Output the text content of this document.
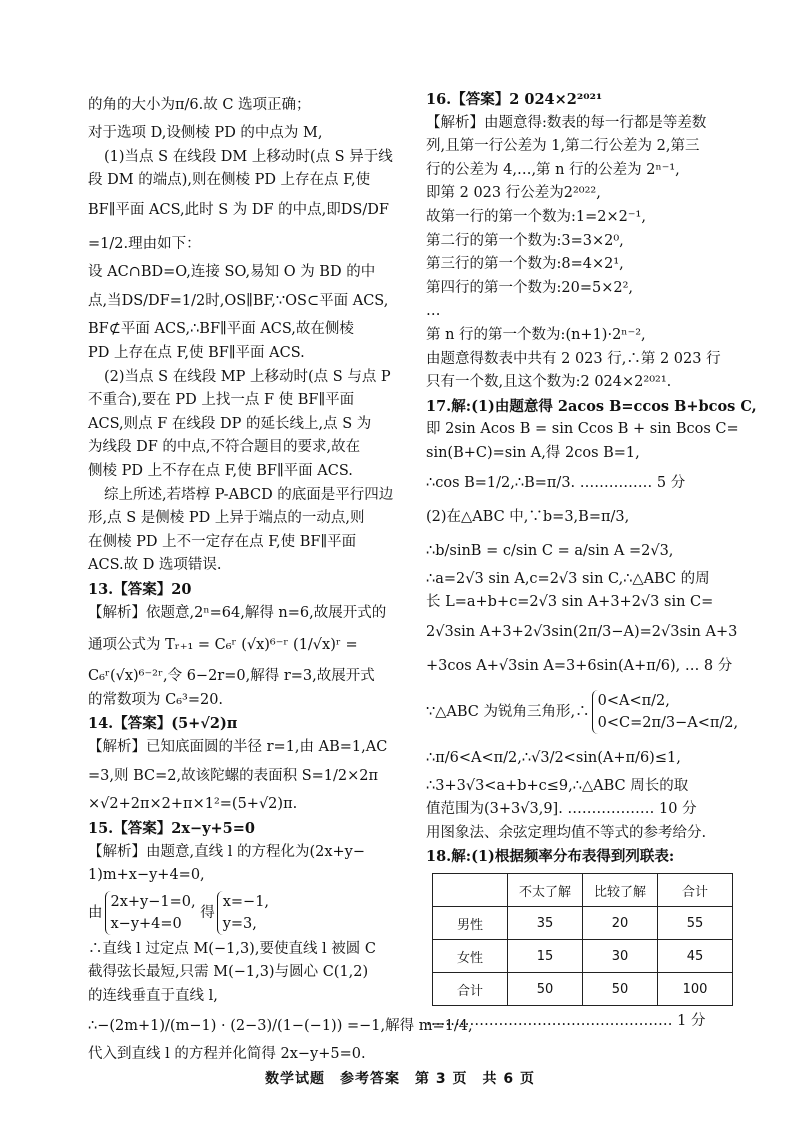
的角的大小为π/6.故 C 选项正确；
对于选项 D,设侧棱 PD 的中点为 M,
(1)当点 S 在线段 DM 上移动时(点 S 异于线
段 DM 的端点),则在侧棱 PD 上存在点 F,使
BF∥平面 ACS,此时 S 为 DF 的中点,即DS/DF
=1/2.理由如下：
设 AC∩BD=O,连接 SO,易知 O 为 BD 的中
点,当DS/DF=1/2时,OS∥BF,∵OS⊂平面 ACS,
BF⊄平面 ACS,∴BF∥平面 ACS,故在侧棱
PD 上存在点 F,使 BF∥平面 ACS.
(2)当点 S 在线段 MP 上移动时(点 S 与点 P
不重合),要在 PD 上找一点 F 使 BF∥平面
ACS,则点 F 在线段 DP 的延长线上,点 S 为
为线段 DF 的中点,不符合题目的要求,故在
侧棱 PD 上不存在点 F,使 BF∥平面 ACS.
综上所述,若塔椁 P-ABCD 的底面是平行四边
形,点 S 是侧棱 PD 上异于端点的一动点,则
在侧棱 PD 上不一定存在点 F,使 BF∥平面
ACS.故 D 选项错误.
13.【答案】20
【解析】依题意,2ⁿ=64,解得 n=6,故展开式的
通项公式为 Tᵣ₊₁ = C₆ʳ (√x)⁶⁻ʳ (1/√x)ʳ =
C₆ʳ(√x)⁶⁻²ʳ,令 6−2r=0,解得 r=3,故展开式
的常数项为 C₆³=20.
14.【答案】(5+√2)π
【解析】已知底面圆的半径 r=1,由 AB=1,AC
=3,则 BC=2,故该陀螺的表面积 S=1/2×2π
×√2+2π×2+π×1²=(5+√2)π.
15.【答案】2x−y+5=0
【解析】由题意,直线 l 的方程化为(2x+y−
1)m+x−y+4=0,
由
2x+y−1=0,
x−y+4=0
得
x=−1,
y=3,
∴直线 l 过定点 M(−1,3),要使直线 l 被圆 C
截得弦长最短,只需 M(−1,3)与圆心 C(1,2)
的连线垂直于直线 l,
∴−(2m+1)/(m−1) · (2−3)/(1−(−1)) =−1,解得 m=1/4,
代入到直线 l 的方程并化简得 2x−y+5=0.
16.【答案】2 024×2²⁰²¹
【解析】由题意得:数表的每一行都是等差数
列,且第一行公差为 1,第二行公差为 2,第三
行的公差为 4,…,第 n 行的公差为 2ⁿ⁻¹,
即第 2 023 行公差为2²⁰²²,
故第一行的第一个数为:1=2×2⁻¹,
第二行的第一个数为:3=3×2⁰,
第三行的第一个数为:8=4×2¹,
第四行的第一个数为:20=5×2²,
…
第 n 行的第一个数为:(n+1)·2ⁿ⁻²,
由题意得数表中共有 2 023 行,∴第 2 023 行
只有一个数,且这个数为:2 024×2²⁰²¹.
17.解:(1)由题意得 2acos B=ccos B+bcos C,
即 2sin Acos B = sin Ccos B + sin Bcos C=
sin(B+C)=sin A,得 2cos B=1,
∴cos B=1/2,∴B=π/3. …………… 5 分
(2)在△ABC 中,∵b=3,B=π/3,
∴b/sinB = c/sin C = a/sin A =2√3,
∴a=2√3 sin A,c=2√3 sin C,∴△ABC 的周
长 L=a+b+c=2√3 sin A+3+2√3 sin C=
2√3sin A+3+2√3sin(2π/3−A)=2√3sin A+3
+3cos A+√3sin A=3+6sin(A+π/6), … 8 分
∵△ABC 为锐角三角形,∴
0<A<π/2,
0<C=2π/3−A<π/2,
∴π/6<A<π/2,∴√3/2<sin(A+π/6)≤1,
∴3+3√3<a+b+c≤9,∴△ABC 周长的取
值范围为(3+3√3,9]. ……………… 10 分
用图象法、余弦定理均值不等式的参考给分.
18.解:(1)根据频率分布表得到列联表:
	不太了解	比较了解	合计
男性	35	20	55
女性	15	30	45
合计	50	50	100
…………………………………………… 1 分
数学试题　参考答案　第 3 页　共 6 页
